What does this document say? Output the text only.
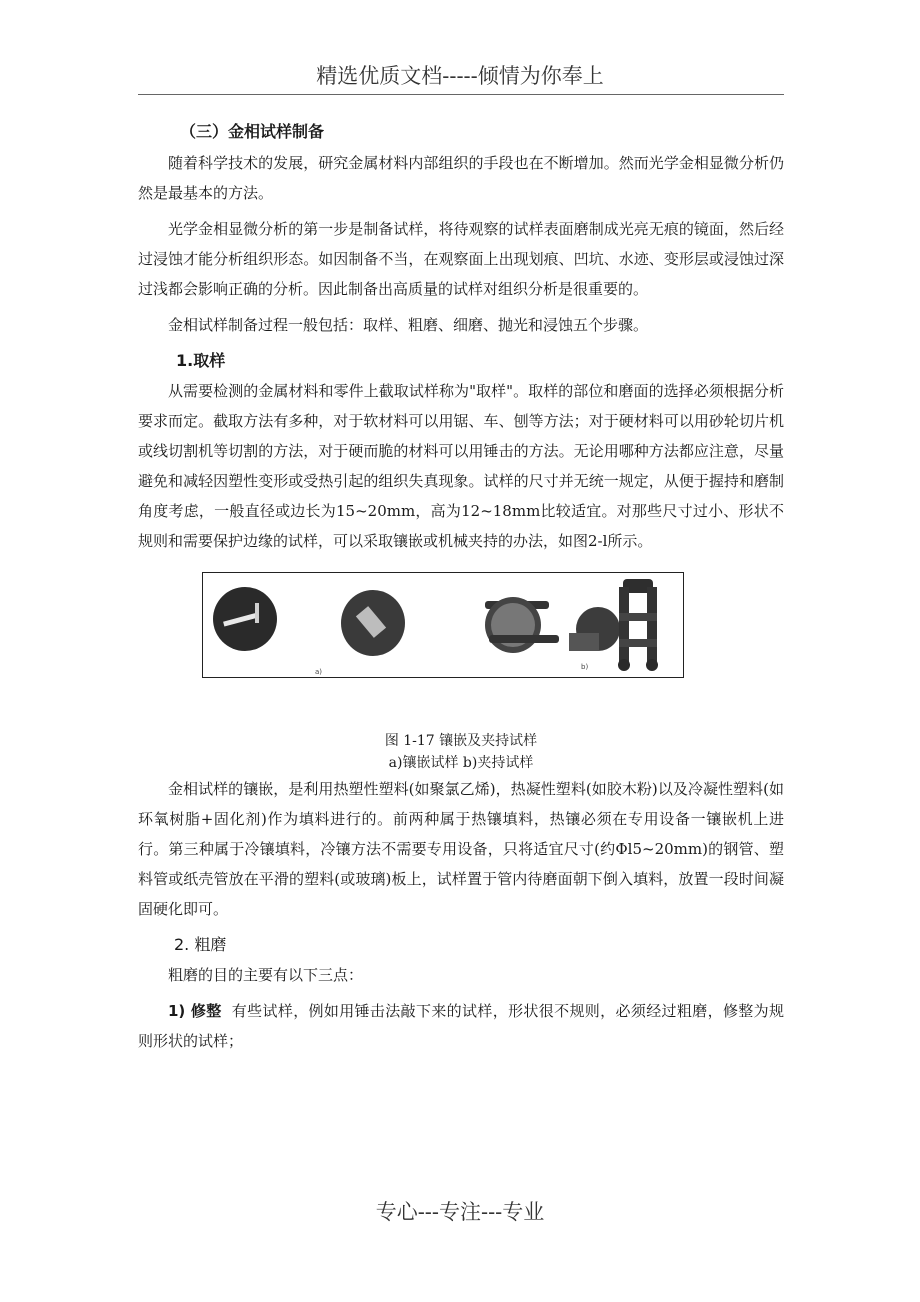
精选优质文档-----倾情为你奉上
（三）金相试样制备

随着科学技术的发展，研究金属材料内部组织的手段也在不断增加。然而光学金相显微分析仍然是最基本的方法。

光学金相显微分析的第一步是制备试样，将待观察的试样表面磨制成光亮无痕的镜面，然后经过浸蚀才能分析组织形态。如因制备不当，在观察面上出现划痕、凹坑、水迹、变形层或浸蚀过深过浅都会影响正确的分析。因此制备出高质量的试样对组织分析是很重要的。

金相试样制备过程一般包括：取样、粗磨、细磨、抛光和浸蚀五个步骤。

1.取样

从需要检测的金属材料和零件上截取试样称为"取样"。取样的部位和磨面的选择必须根据分析要求而定。截取方法有多种，对于软材料可以用锯、车、刨等方法；对于硬材料可以用砂轮切片机或线切割机等切割的方法，对于硬而脆的材料可以用锤击的方法。无论用哪种方法都应注意，尽量避免和减轻因塑性变形或受热引起的组织失真现象。试样的尺寸并无统一规定，从便于握持和磨制角度考虑，一般直径或边长为15~20mm，高为12~18mm比较适宜。对那些尺寸过小、形状不规则和需要保护边缘的试样，可以采取镶嵌或机械夹持的办法，如图2-l所示。

a)
b)
图 1-17 镶嵌及夹持试样
a)镶嵌试样 b)夹持试样

金相试样的镶嵌，是利用热塑性塑料(如聚氯乙烯)，热凝性塑料(如胶木粉)以及冷凝性塑料(如环氧树脂+固化剂)作为填料进行的。前两种属于热镶填料，热镶必须在专用设备一镶嵌机上进行。第三种属于冷镶填料，冷镶方法不需要专用设备，只将适宜尺寸(约Φl5~20mm)的钢管、塑料管或纸壳管放在平滑的塑料(或玻璃)板上，试样置于管内待磨面朝下倒入填料，放置一段时间凝固硬化即可。

2. 粗磨

粗磨的目的主要有以下三点：

1) 修整 有些试样，例如用锤击法敲下来的试样，形状很不规则，必须经过粗磨，修整为规则形状的试样；

专心---专注---专业
